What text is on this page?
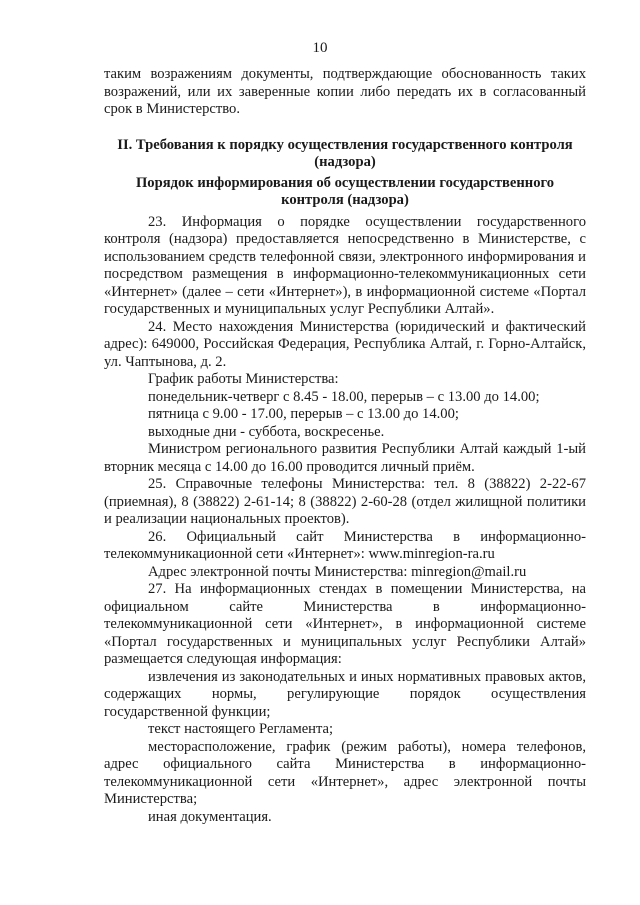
10

таким возражениям документы, подтверждающие обоснованность таких возражений, или их заверенные копии либо передать их в согласованный срок в Министерство.

II. Требования к порядку осуществления государственного контроля (надзора)

Порядок информирования об осуществлении государственного контроля (надзора)

23. Информация о порядке осуществлении государственного контроля (надзора) предоставляется непосредственно в Министерстве, с использованием средств телефонной связи, электронного информирования и посредством размещения в информационно-телекоммуникационных сети «Интернет» (далее – сети «Интернет»), в информационной системе «Портал государственных и муниципальных услуг Республики Алтай».

24. Место нахождения Министерства (юридический и фактический адрес): 649000, Российская Федерация, Республика Алтай, г. Горно-Алтайск, ул. Чаптынова, д. 2.

График работы Министерства:

понедельник-четверг с 8.45 - 18.00, перерыв – с 13.00 до 14.00;

пятница с 9.00 - 17.00, перерыв – с 13.00 до 14.00;

выходные дни - суббота, воскресенье.

Министром регионального развития Республики Алтай каждый 1-ый вторник месяца с 14.00 до 16.00 проводится личный приём.

25. Справочные телефоны Министерства: тел. 8 (38822) 2-22-67 (приемная), 8 (38822) 2-61-14; 8 (38822) 2-60-28 (отдел жилищной политики и реализации национальных проектов).

26. Официальный сайт Министерства в информационно-телекоммуникационной сети «Интернет»: www.minregion-ra.ru

Адрес электронной почты Министерства: minregion@mail.ru

27. На информационных стендах в помещении Министерства, на официальном сайте Министерства в информационно-телекоммуникационной сети «Интернет», в информационной системе «Портал государственных и муниципальных услуг Республики Алтай» размещается следующая информация:

извлечения из законодательных и иных нормативных правовых актов, содержащих нормы, регулирующие порядок осуществления государственной функции;

текст настоящего Регламента;

месторасположение, график (режим работы), номера телефонов, адрес официального сайта Министерства в информационно-телекоммуникационной сети «Интернет», адрес электронной почты Министерства;

иная документация.
